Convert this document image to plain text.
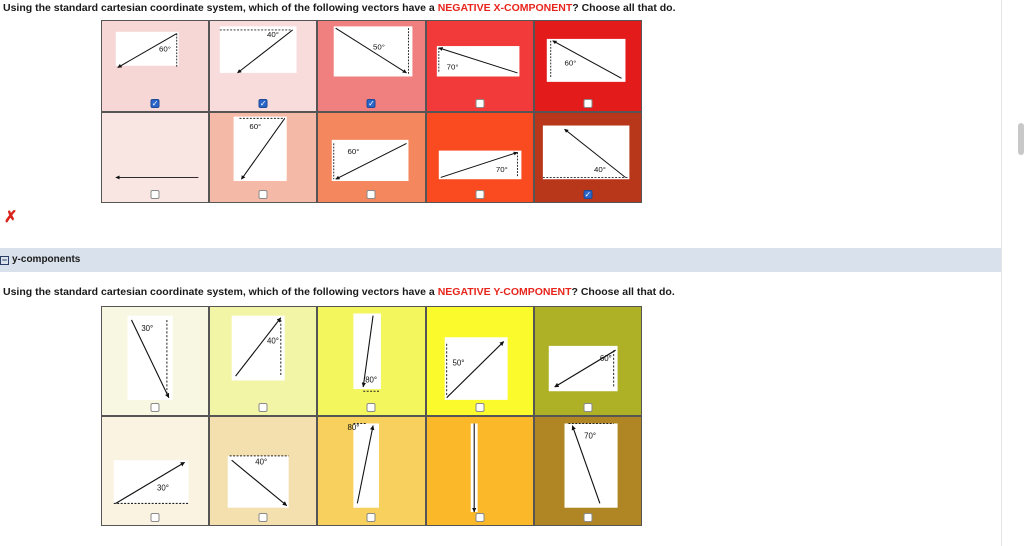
Using the standard cartesian coordinate system, which of the following vectors have a NEGATIVE X-COMPONENT? Choose all that do.
60°
✓
40°
✓
50°
✓
70°	60°
60°
60°
70°	40°
✓
✗
− y-components
Using the standard cartesian coordinate system, which of the following vectors have a NEGATIVE Y-COMPONENT? Choose all that do.
30°
40°
80°
50°	60°
30°
40°
80°
70°
